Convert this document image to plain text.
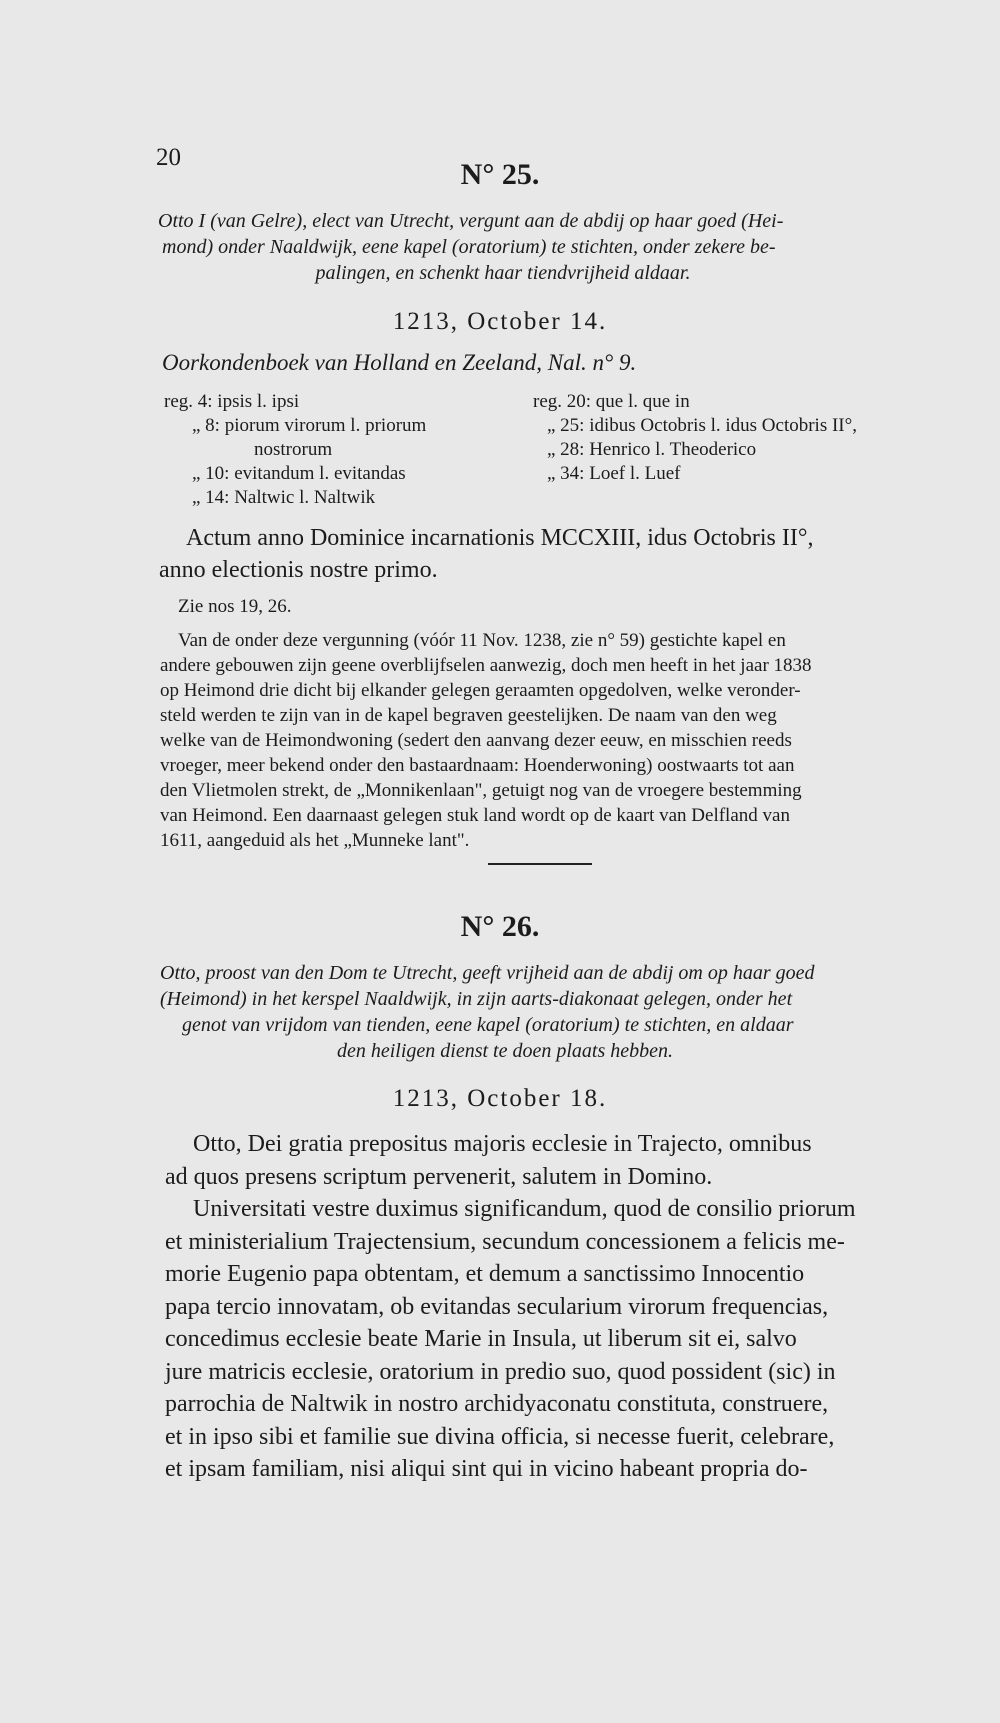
20
N° 25.
Otto I (van Gelre), elect van Utrecht, vergunt aan de abdij op haar goed (Hei-
mond) onder Naaldwijk, eene kapel (oratorium) te stichten, onder zekere be-
palingen, en schenkt haar tiendvrijheid aldaar.
1213, October 14.
Oorkondenboek van Holland en Zeeland, Nal. n° 9.
reg. 4: ipsis l. ipsi
„ 8: piorum virorum l. priorum
nostrorum
„ 10: evitandum l. evitandas
„ 14: Naltwic l. Naltwik
reg. 20: que l. que in
„ 25: idibus Octobris l. idus Octobris II°,
„ 28: Henrico l. Theoderico
„ 34: Loef l. Luef
Actum anno Dominice incarnationis MCCXIII, idus Octobris II°,
anno electionis nostre primo.
Zie nos 19, 26.
Van de onder deze vergunning (vóór 11 Nov. 1238, zie n° 59) gestichte kapel en
andere gebouwen zijn geene overblijfselen aanwezig, doch men heeft in het jaar 1838
op Heimond drie dicht bij elkander gelegen geraamten opgedolven, welke veronder-
steld werden te zijn van in de kapel begraven geestelijken. De naam van den weg
welke van de Heimondwoning (sedert den aanvang dezer eeuw, en misschien reeds
vroeger, meer bekend onder den bastaardnaam: Hoenderwoning) oostwaarts tot aan
den Vlietmolen strekt, de „Monnikenlaan", getuigt nog van de vroegere bestemming
van Heimond. Een daarnaast gelegen stuk land wordt op de kaart van Delfland van
1611, aangeduid als het „Munneke lant".
N° 26.
Otto, proost van den Dom te Utrecht, geeft vrijheid aan de abdij om op haar goed
(Heimond) in het kerspel Naaldwijk, in zijn aarts-diakonaat gelegen, onder het
genot van vrijdom van tienden, eene kapel (oratorium) te stichten, en aldaar
den heiligen dienst te doen plaats hebben.
1213, October 18.
Otto, Dei gratia prepositus majoris ecclesie in Trajecto, omnibus
ad quos presens scriptum pervenerit, salutem in Domino.
Universitati vestre duximus significandum, quod de consilio priorum
et ministerialium Trajectensium, secundum concessionem a felicis me-
morie Eugenio papa obtentam, et demum a sanctissimo Innocentio
papa tercio innovatam, ob evitandas secularium virorum frequencias,
concedimus ecclesie beate Marie in Insula, ut liberum sit ei, salvo
jure matricis ecclesie, oratorium in predio suo, quod possident (sic) in
parrochia de Naltwik in nostro archidyaconatu constituta, construere,
et in ipso sibi et familie sue divina officia, si necesse fuerit, celebrare,
et ipsam familiam, nisi aliqui sint qui in vicino habeant propria do-
